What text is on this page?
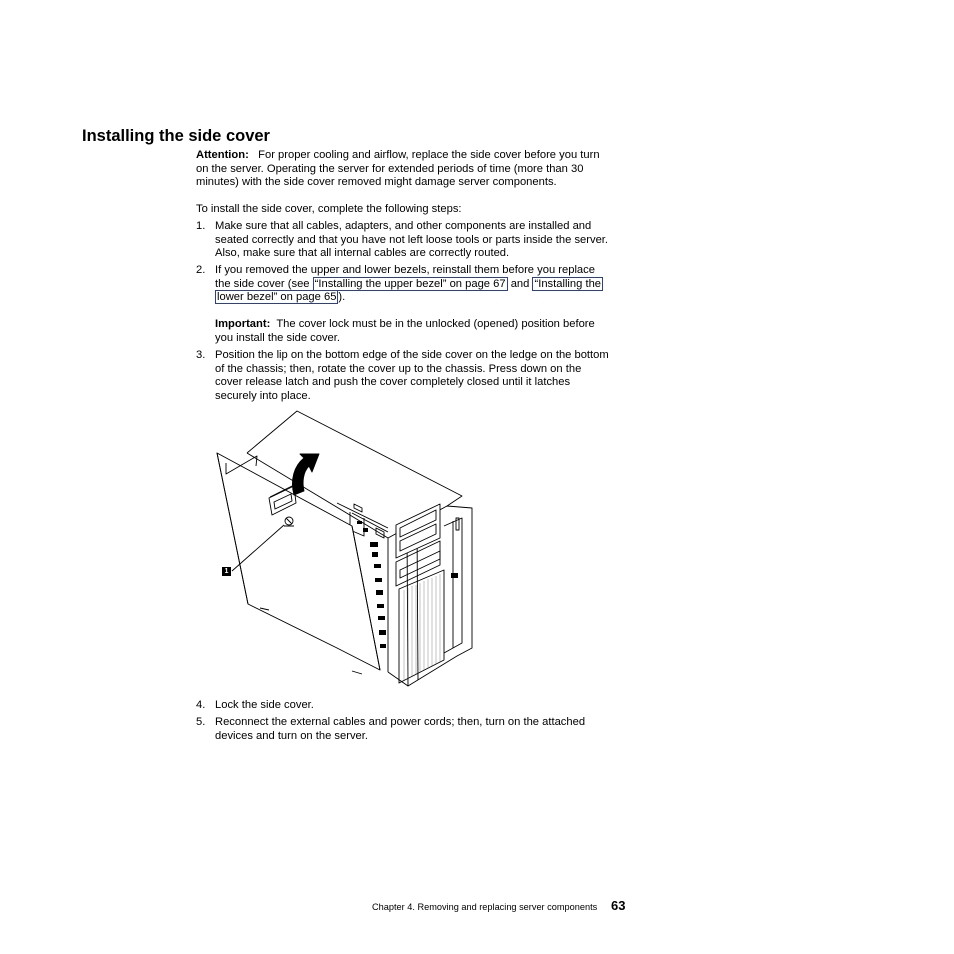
Installing the side cover
Attention: For proper cooling and airflow, replace the side cover before you turn
on the server. Operating the server for extended periods of time (more than 30
minutes) with the side cover removed might damage server components.
To install the side cover, complete the following steps:
1. Make sure that all cables, adapters, and other components are installed and
seated correctly and that you have not left loose tools or parts inside the server.
Also, make sure that all internal cables are correctly routed.
2. If you removed the upper and lower bezels, reinstall them before you replace
the side cover (see “Installing the upper bezel” on page 67 and “Installing the
lower bezel” on page 65 ).
Important: The cover lock must be in the unlocked (opened) position before
you install the side cover.
3. Position the lip on the bottom edge of the side cover on the ledge on the bottom
of the chassis; then, rotate the cover up to the chassis. Press down on the
cover release latch and push the cover completely closed until it latches
securely into place.
1
4. Lock the side cover.
5. Reconnect the external cables and power cords; then, turn on the attached
devices and turn on the server.
Chapter 4. Removing and replacing server components 63
